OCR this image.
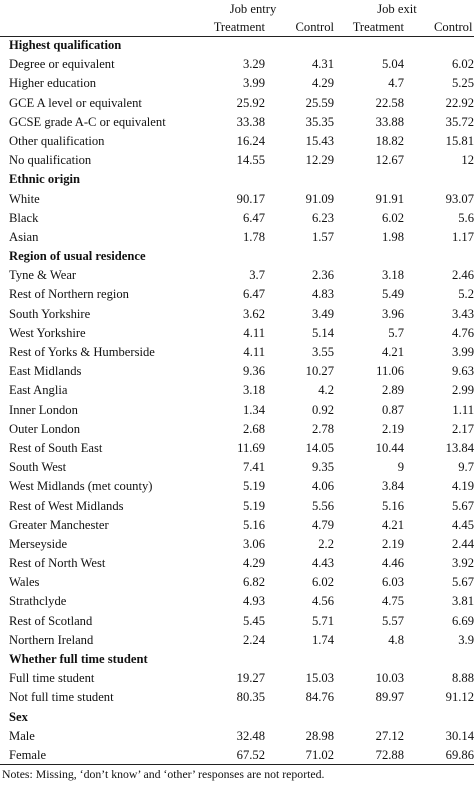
Job entry	Job exit
Treatment Control Treatment Control
Highest qualification
Degree or equivalent	3.29	4.31	5.04	6.02
Higher education	3.99	4.29	4.7	5.25
GCE A level or equivalent	25.92	25.59	22.58	22.92
GCSE grade A-C or equivalent	33.38	35.35	33.88	35.72
Other qualification	16.24	15.43	18.82	15.81
No qualification	14.55	12.29	12.67	12
Ethnic origin
White	90.17	91.09	91.91	93.07
Black	6.47	6.23	6.02	5.6
Asian	1.78	1.57	1.98	1.17
Region of usual residence
Tyne & Wear	3.7	2.36	3.18	2.46
Rest of Northern region	6.47	4.83	5.49	5.2
South Yorkshire	3.62	3.49	3.96	3.43
West Yorkshire	4.11	5.14	5.7	4.76
Rest of Yorks & Humberside	4.11	3.55	4.21	3.99
East Midlands	9.36	10.27	11.06	9.63
East Anglia	3.18	4.2	2.89	2.99
Inner London	1.34	0.92	0.87	1.11
Outer London	2.68	2.78	2.19	2.17
Rest of South East	11.69	14.05	10.44	13.84
South West	7.41	9.35	9	9.7
West Midlands (met county)	5.19	4.06	3.84	4.19
Rest of West Midlands	5.19	5.56	5.16	5.67
Greater Manchester	5.16	4.79	4.21	4.45
Merseyside	3.06	2.2	2.19	2.44
Rest of North West	4.29	4.43	4.46	3.92
Wales	6.82	6.02	6.03	5.67
Strathclyde	4.93	4.56	4.75	3.81
Rest of Scotland	5.45	5.71	5.57	6.69
Northern Ireland	2.24	1.74	4.8	3.9
Whether full time student
Full time student	19.27	15.03	10.03	8.88
Not full time student	80.35	84.76	89.97	91.12
Sex
Male	32.48	28.98	27.12	30.14
Female	67.52	71.02	72.88	69.86
Notes: Missing, ‘don’t know’ and ‘other’ responses are not reported.
